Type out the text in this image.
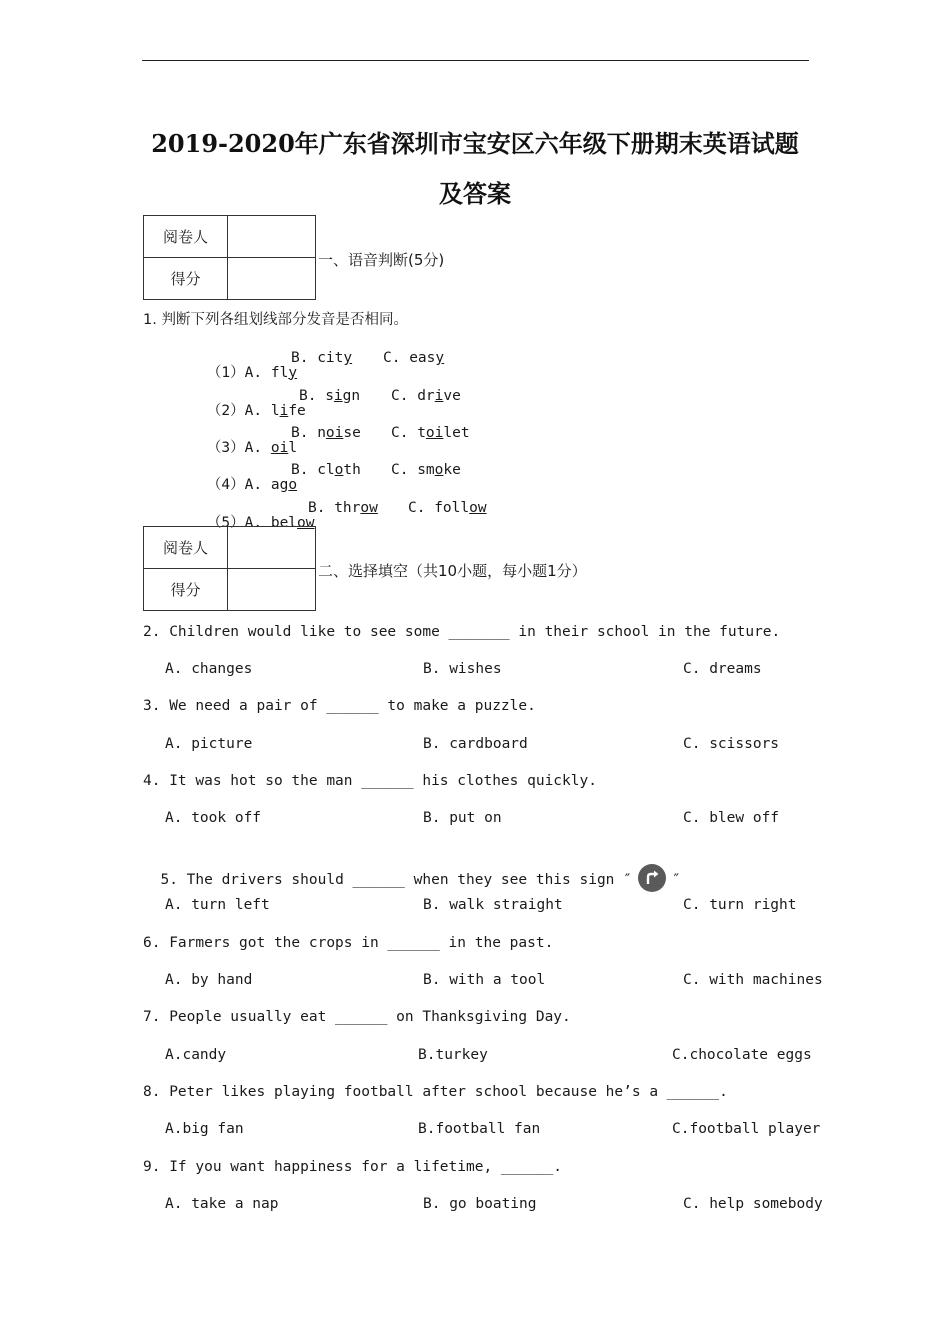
2019-2020年广东省深圳市宝安区六年级下册期末英语试题
及答案
阅卷人	
得分	
一、语音判断(5分)
1. 判断下列各组划线部分发音是否相同。

（1）A. fly

B. city C. easy

（2）A. life

B. sign C. drive

（3）A. oil

B. noise C. toilet

（4）A. ago

B. cloth C. smoke

（5）A. below

B. throw C. follow
阅卷人	
得分	
二、选择填空（共10小题，每小题1分）
2. Children would like to see some _______ in their school in the future.
A. changes	B. wishes	C. dreams
3. We need a pair of ______ to make a puzzle.
A. picture	B. cardboard	C. scissors
4. It was hot so the man ______ his clothes quickly.
A. took off	B. put on	C. blew off

5. The drivers should ______ when they see this sign ″	″

A. turn left	B. walk straight	C. turn right
6. Farmers got the crops in ______ in the past.
A. by hand	B. with a tool	C. with machines
7. People usually eat ______ on Thanksgiving Day.
A.candy	B.turkey	C.chocolate eggs
8. Peter likes playing football after school because he’s a ______.
A.big fan	B.football fan	C.football player
9. If you want happiness for a lifetime, ______.
A. take a nap	B. go boating	C. help somebody
